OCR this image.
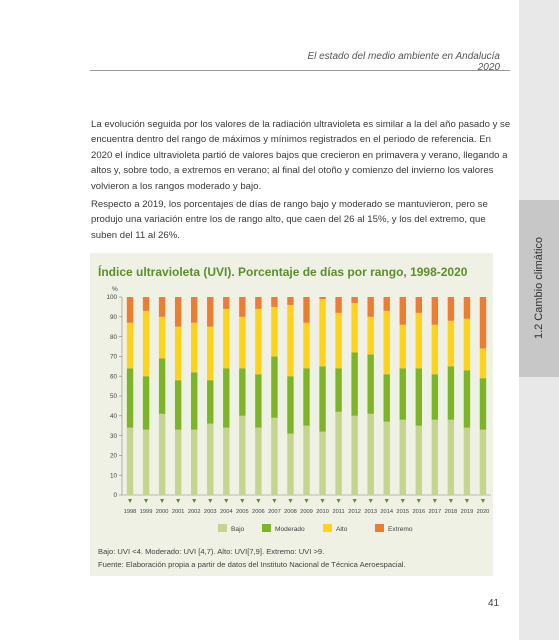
El estado del medio ambiente en Andalucía 2020
1.2 Cambio climático

La evolución seguida por los valores de la radiación ultravioleta es similar a la del año pasado y se encuentra dentro del rango de máximos y mínimos registrados en el periodo de referencia. En 2020 el índice ultravioleta partió de valores bajos que crecieron en primavera y verano, llegando a altos y, sobre todo, a extremos en verano; al final del otoño y comienzo del invierno los valores volvieron a los rangos moderado y bajo.

Respecto a 2019, los porcentajes de días de rango bajo y moderado se mantuvieron, pero se produjo una variación entre los de rango alto, que caen del 26 al 15%, y los del extremo, que suben del 11 al 26%.

Índice ultravioleta (UVI). Porcentaje de días por rango, 1998-2020
%
0
10
20
30
40
50
60
70
80
90
100
1998 1999 2000 2001 2002 2003 2004 2005 2006 2007 2008 2009 2010 2011 2012 2013 2014 2015 2016 2017 2018 2019 2020
Bajo	Moderado	Alto	Extremo
Bajo: UVI <4. Moderado: UVI [4,7). Alto: UVI[7,9]. Extremo: UVI >9.
Fuente: Elaboración propia a partir de datos del Instituto Nacional de Técnica Aeroespacial.
41
